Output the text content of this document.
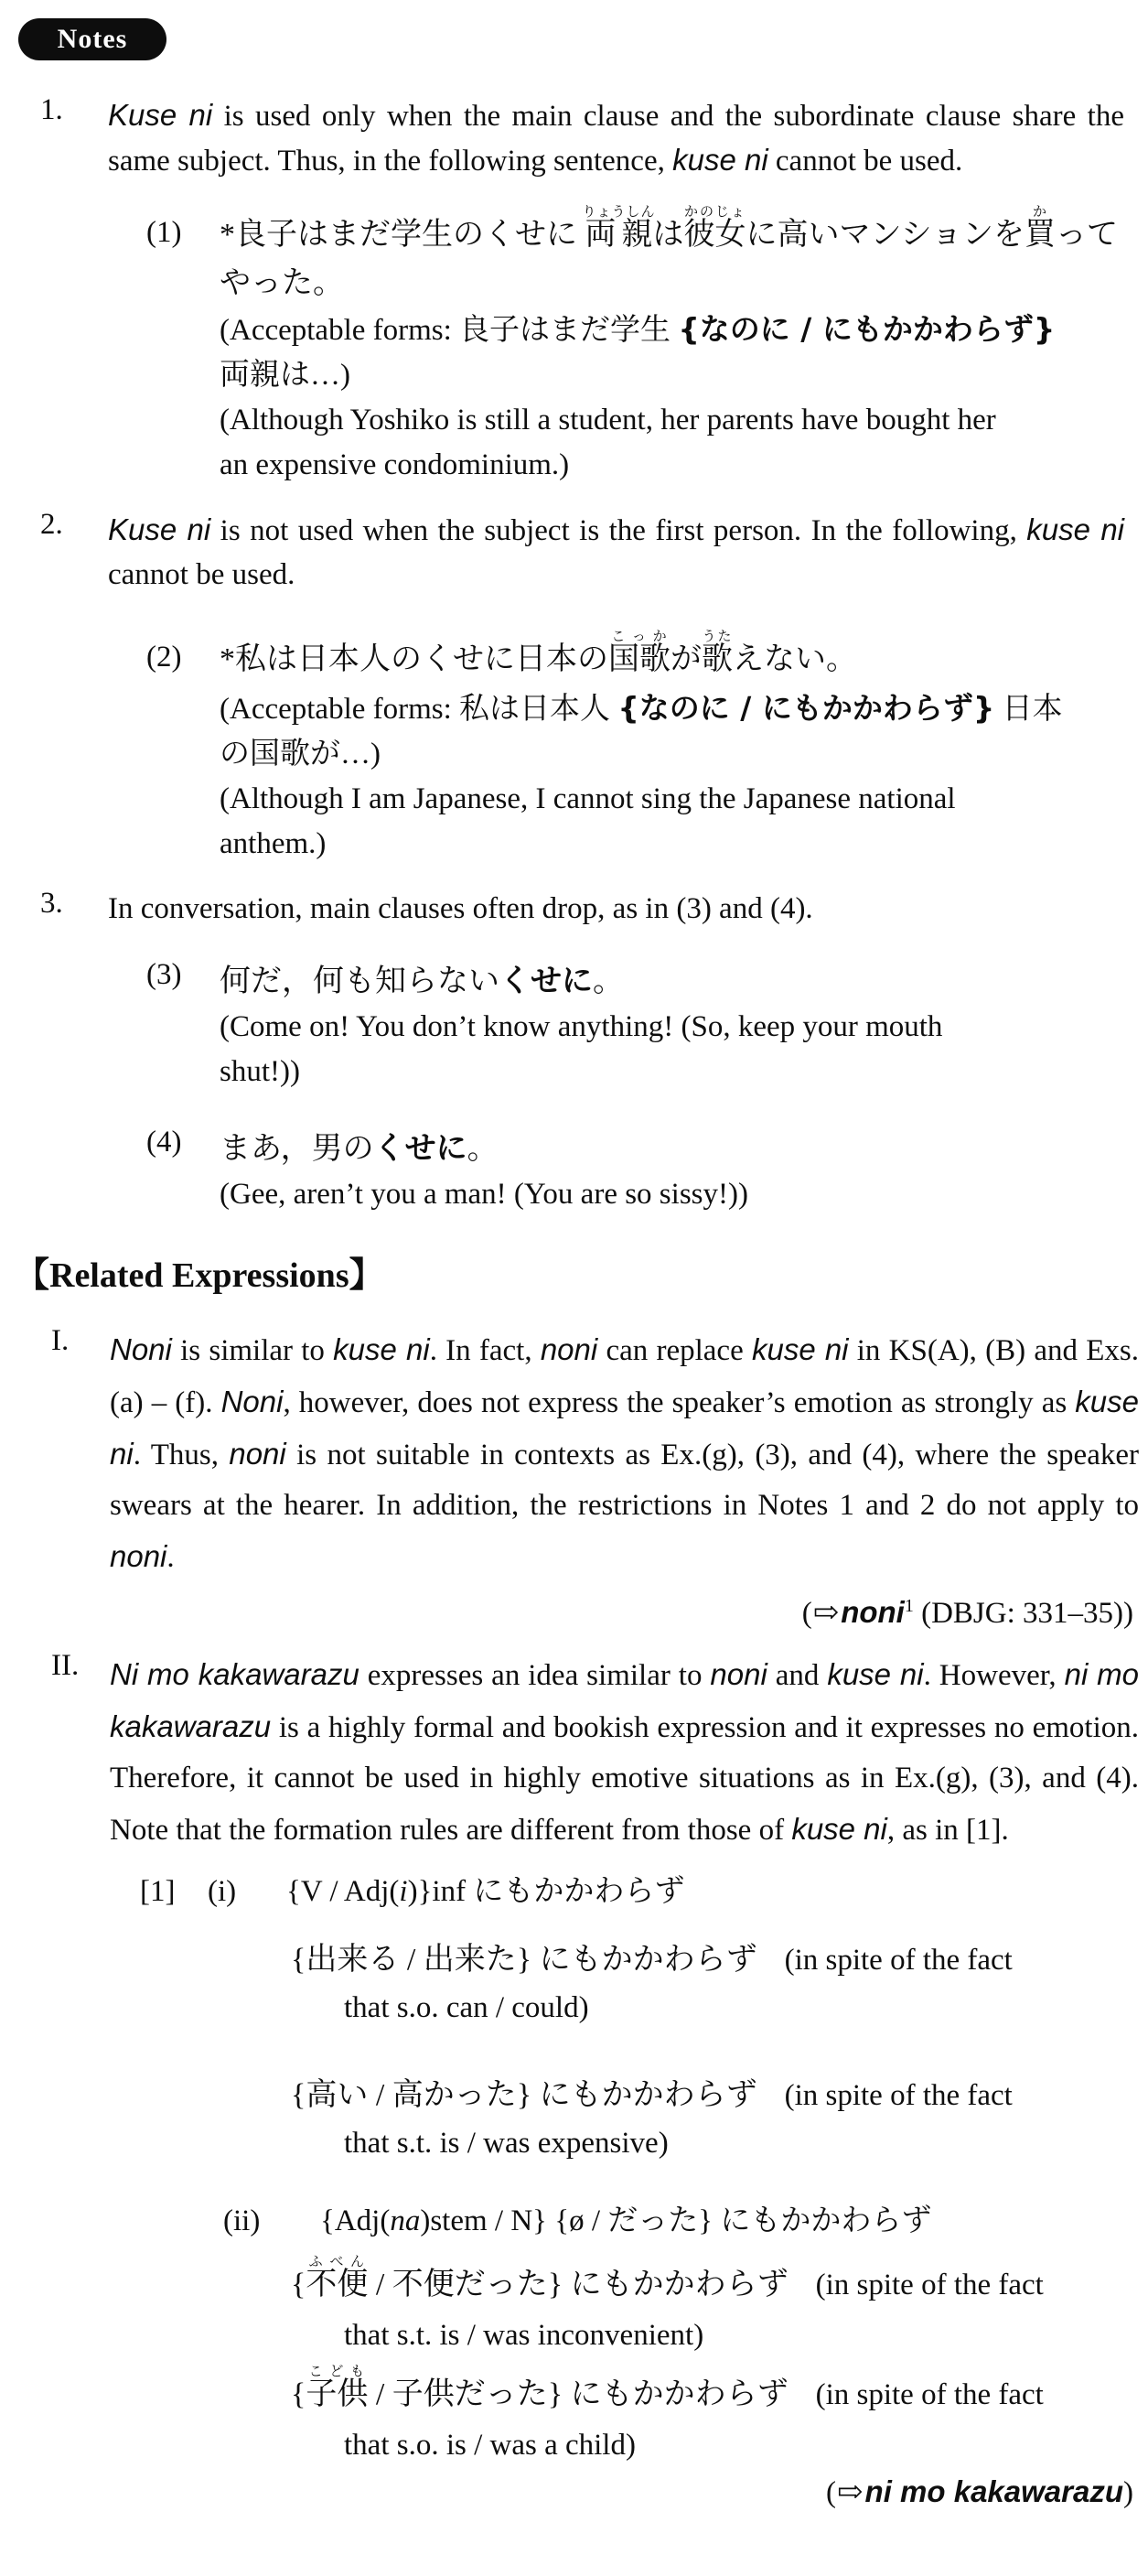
Notes
1. Kuse ni is used only when the main clause and the subordinate clause share the same subject. Thus, in the following sentence, kuse ni cannot be used.

(1) *良子はまだ学生のくせに 両親りょうしんは彼女かのじょに高いマンションを買かって
やった。
(Acceptable forms: 良子はまだ学生 {なのに / にもかかわらず}
両親は…)
(Although Yoshiko is still a student, her parents have bought her
an expensive condominium.)
2. Kuse ni is not used when the subject is the first person. In the following, kuse ni cannot be used.

(2) *私は日本人のくせに日本の国歌こっかが歌うたえない。
(Acceptable forms: 私は日本人 {なのに / にもかかわらず} 日本
の国歌が…)
(Although I am Japanese, I cannot sing the Japanese national
anthem.)
3. In conversation, main clauses often drop, as in (3) and (4).

(3) 何だ，何も知らないくせに。
(Come on! You don’t know anything! (So, keep your mouth
shut!))
(4) まあ，男のくせに。
(Gee, aren’t you a man! (You are so sissy!))
【Related Expressions】
I.	Noni is similar to kuse ni. In fact, noni can replace kuse ni in KS(A), (B) and Exs.(a) – (f). Noni, however, does not express the speaker’s emotion as strongly as kuse ni. Thus, noni is not suitable in contexts as Ex.(g), (3), and (4), where the speaker swears at the hearer. In addition, the restrictions in Notes 1 and 2 do not apply to noni.

(⇨noni$^1$ (DBJG: 331–35))
II.	Ni mo kakawarazu expresses an idea similar to noni and kuse ni. However, ni mo kakawarazu is a highly formal and bookish expression and it expresses no emotion. Therefore, it cannot be used in highly emotive situations as in Ex.(g), (3), and (4). Note that the formation rules are different from those of kuse ni, as in [1].

[1] (i) {V / Adj(i)}inf にもかかわらず
{出来る / 出来た} にもかかわらず (in spite of the fact
that s.o. can / could)
{高い / 高かった} にもかかわらず (in spite of the fact
that s.t. is / was expensive)
(ii) {Adj(na)stem / N} {ø / だった} にもかかわらず
{不便ふべん / 不便だった} にもかかわらず (in spite of the fact
that s.t. is / was inconvenient)
{子供こども / 子供だった} にもかかわらず (in spite of the fact
that s.o. is / was a child)
(⇨ni mo kakawarazu)
